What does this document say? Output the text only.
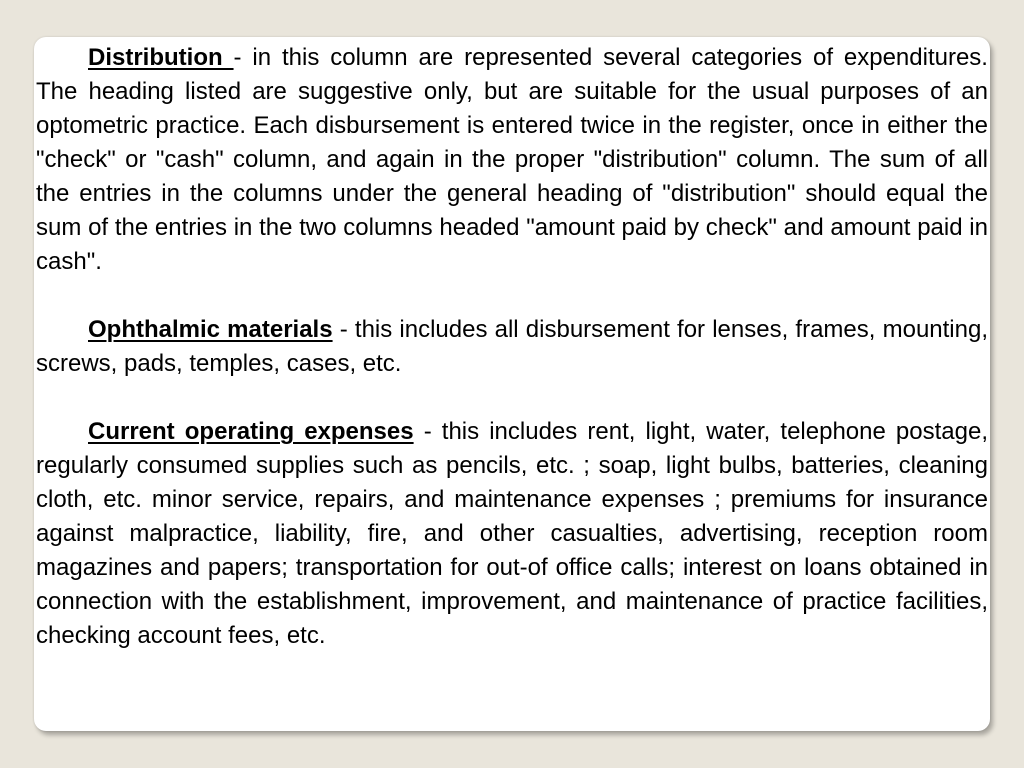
Distribution - in this column are represented several categories of expenditures. The heading listed are suggestive only, but are suitable for the usual purposes of an optometric practice. Each disbursement is entered twice in the register, once in either the "check" or "cash" column, and again in the proper "distribution" column. The sum of all the entries in the columns under the general heading of "distribution" should equal the sum of the entries in the two columns headed "amount paid by check" and amount paid in cash".

Ophthalmic materials - this includes all disbursement for lenses, frames, mounting, screws, pads, temples, cases, etc.

Current operating expenses - this includes rent, light, water, telephone postage, regularly consumed supplies such as pencils, etc. ; soap, light bulbs, batteries, cleaning cloth, etc. minor service, repairs, and maintenance expenses ; premiums for insurance against malpractice, liability, fire, and other casualties, advertising, reception room magazines and papers; transportation for out-of office calls; interest on loans obtained in connection with the establishment, improvement, and maintenance of practice facilities, checking account fees, etc.
